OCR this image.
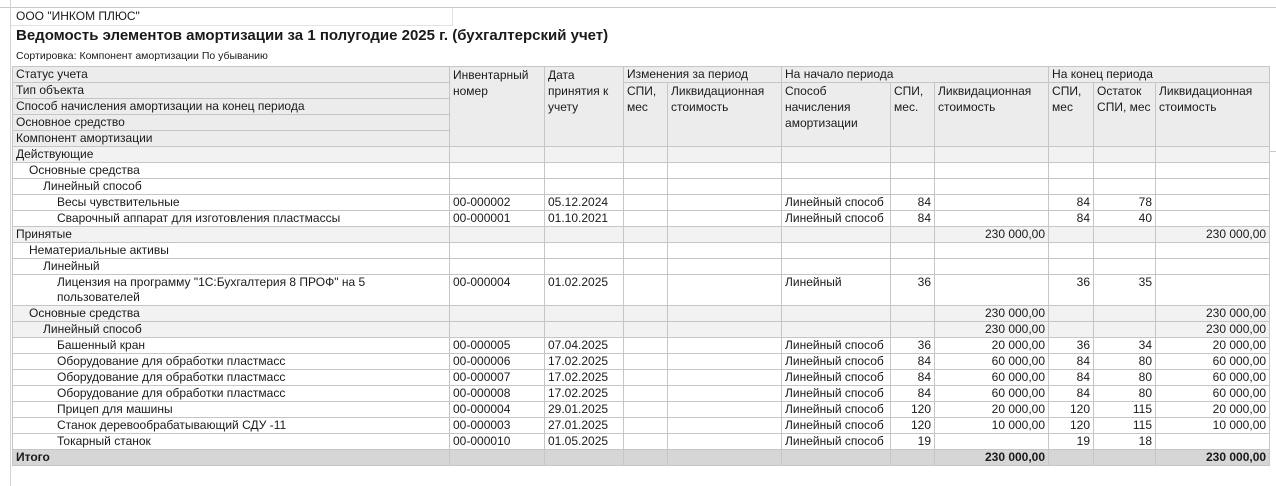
ООО "ИНКОМ ПЛЮС"
Ведомость элементов амортизации за 1 полугодие 2025 г. (бухгалтерский учет)
Сортировка: Компонент амортизации По убыванию
Статус учета	Инвентарный номер	Дата принятия к учету	Изменения за период		На начало периода			На конец периода		
Тип объекта			СПИ, мес	Ликвидационная стоимость	Способ начисления амортизации	СПИ, мес.	Ликвидационная стоимость	СПИ, мес	Остаток СПИ, мес	Ликвидационная стоимость
Способ начисления амортизации на конец периода										
Основное средство										
Компонент амортизации										
Действующие										
Основные средства										
Линейный способ										
Весы чувствительные	00-000002	05.12.2024			Линейный способ	84		84	78	
Сварочный аппарат для изготовления пластмассы	00-000001	01.10.2021			Линейный способ	84		84	40	
Принятые							230 000,00			230 000,00
Нематериальные активы										
Линейный										
Лицензия на программу "1С:Бухгалтерия 8 ПРОФ" на 5 пользователей	00-000004	01.02.2025			Линейный	36		36	35	
Основные средства							230 000,00			230 000,00
Линейный способ							230 000,00			230 000,00
Башенный кран	00-000005	07.04.2025			Линейный способ	36	20 000,00	36	34	20 000,00
Оборудование для обработки пластмасс	00-000006	17.02.2025			Линейный способ	84	60 000,00	84	80	60 000,00
Оборудование для обработки пластмасс	00-000007	17.02.2025			Линейный способ	84	60 000,00	84	80	60 000,00
Оборудование для обработки пластмасс	00-000008	17.02.2025			Линейный способ	84	60 000,00	84	80	60 000,00
Прицеп для машины	00-000004	29.01.2025			Линейный способ	120	20 000,00	120	115	20 000,00
Станок деревообрабатывающий СДУ -11	00-000003	27.01.2025			Линейный способ	120	10 000,00	120	115	10 000,00
Токарный станок	00-000010	01.05.2025			Линейный способ	19		19	18	
Итого							230 000,00			230 000,00
